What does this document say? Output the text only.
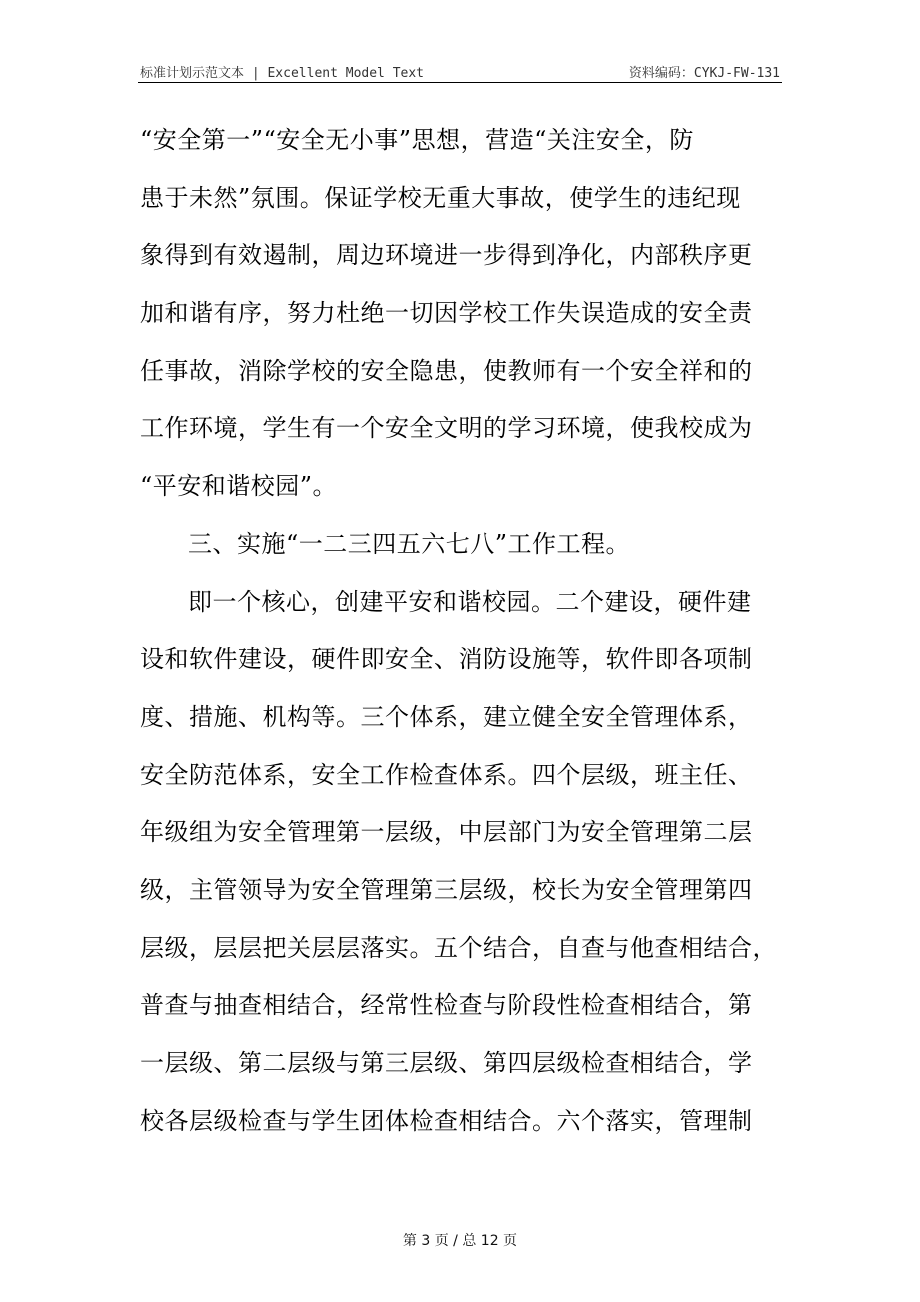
标准计划示范文本 | Excellent Model Text	资料编码：CYKJ-FW-131
“安全第一”“安全无小事”思想，营造“关注安全，防
患于未然”氛围。保证学校无重大事故，使学生的违纪现
象得到有效遏制，周边环境进一步得到净化，内部秩序更
加和谐有序，努力杜绝一切因学校工作失误造成的安全责
任事故，消除学校的安全隐患，使教师有一个安全祥和的
工作环境，学生有一个安全文明的学习环境，使我校成为
“平安和谐校园”。
三、实施“一二三四五六七八”工作工程。
即一个核心，创建平安和谐校园。二个建设，硬件建
设和软件建设，硬件即安全、消防设施等，软件即各项制
度、措施、机构等。三个体系，建立健全安全管理体系，
安全防范体系，安全工作检查体系。四个层级，班主任、
年级组为安全管理第一层级，中层部门为安全管理第二层
级，主管领导为安全管理第三层级，校长为安全管理第四
层级，层层把关层层落实。五个结合，自查与他查相结合，
普查与抽查相结合，经常性检查与阶段性检查相结合，第
一层级、第二层级与第三层级、第四层级检查相结合，学
校各层级检查与学生团体检查相结合。六个落实，管理制
第 3 页 / 总 12 页
